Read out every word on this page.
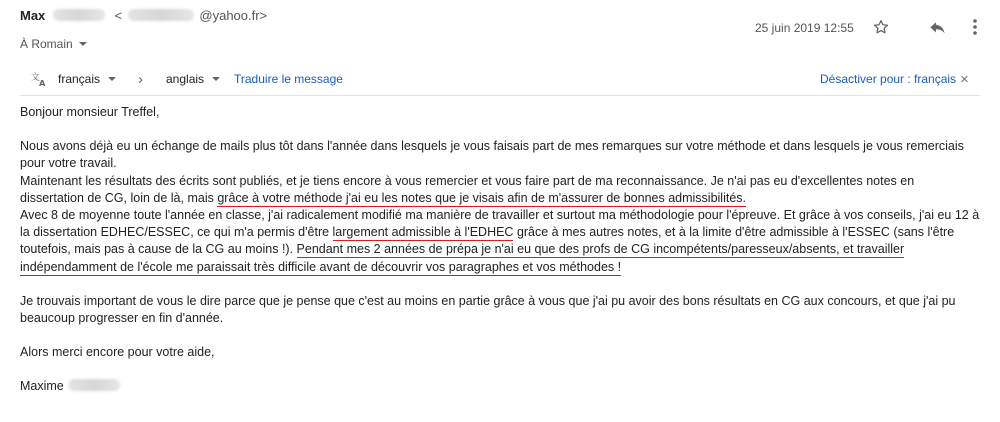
Max	<	@yahoo.fr>
À Romain
25 juin 2019 12:55
文 A français	› anglais Traduire le message	Désactiver pour : français ×

Bonjour monsieur Treffel,

Nous avons déjà eu un échange de mails plus tôt dans l'année dans lesquels je vous faisais part de mes remarques sur votre méthode et dans lesquels je vous remerciais pour votre travail.

Maintenant les résultats des écrits sont publiés, et je tiens encore à vous remercier et vous faire part de ma reconnaissance. Je n'ai pas eu d'excellentes notes en dissertation de CG, loin de là, mais grâce à votre méthode j'ai eu les notes que je visais afin de m'assurer de bonnes admissibilités.

Avec 8 de moyenne toute l'année en classe, j'ai radicalement modifié ma manière de travailler et surtout ma méthodologie pour l'épreuve. Et grâce à vos conseils, j'ai eu 12 à la dissertation EDHEC/ESSEC, ce qui m'a permis d'être largement admissible à l'EDHEC grâce à mes autres notes, et à la limite d'être admissible à l'ESSEC (sans l'être toutefois, mais pas à cause de la CG au moins !). Pendant mes 2 années de prépa je n'ai eu que des profs de CG incompétents/paresseux/absents, et travailler indépendamment de l'école me paraissait très difficile avant de découvrir vos paragraphes et vos méthodes !

Je trouvais important de vous le dire parce que je pense que c'est au moins en partie grâce à vous que j'ai pu avoir des bons résultats en CG aux concours, et que j'ai pu beaucoup progresser en fin d'année.

Alors merci encore pour votre aide,

Maxime
